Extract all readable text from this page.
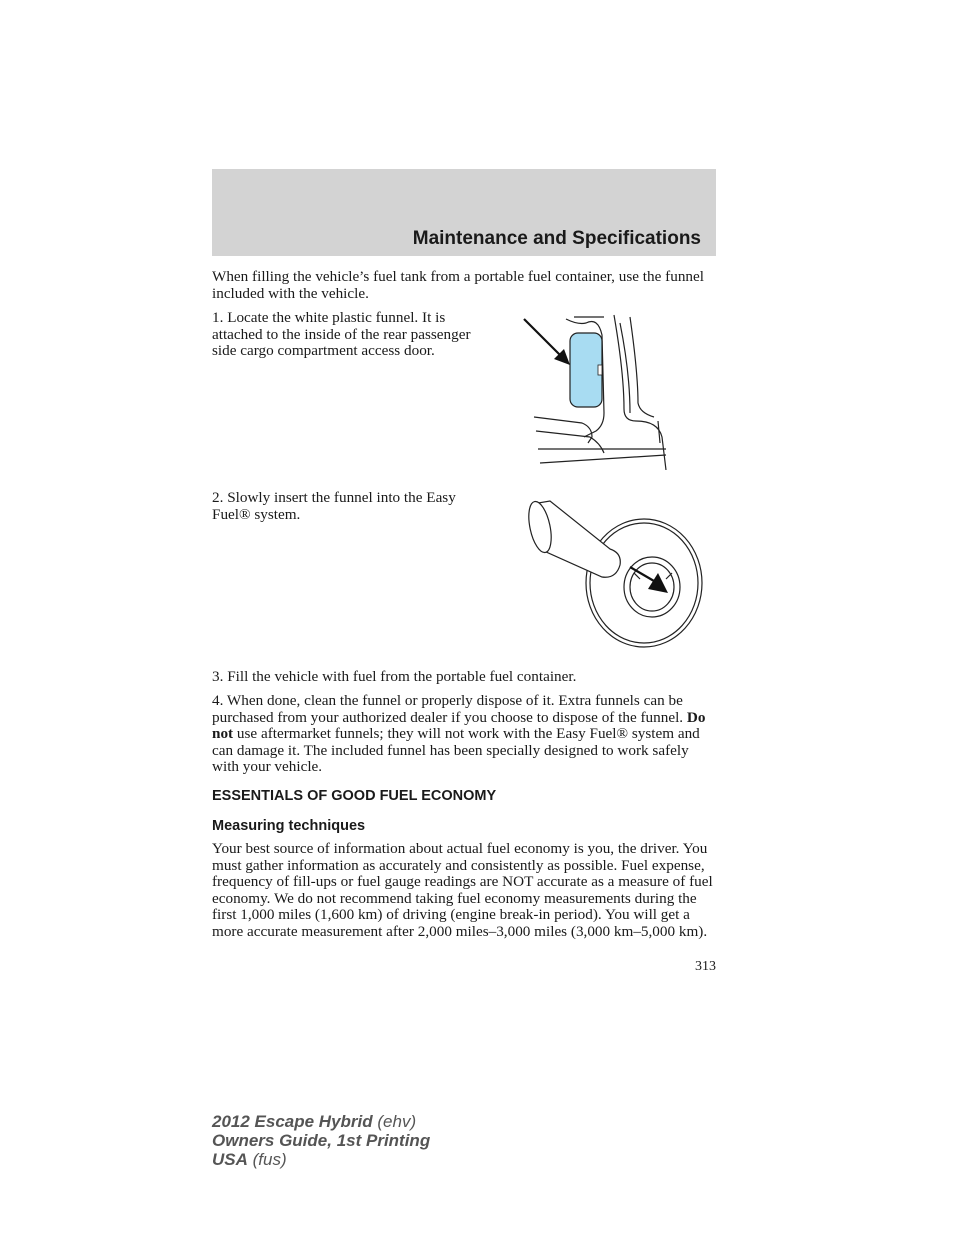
Maintenance and Specifications

When filling the vehicle’s fuel tank from a portable fuel container, use the funnel included with the vehicle.

1. Locate the white plastic funnel. It is attached to the inside of the rear passenger side cargo compartment access door.

2. Slowly insert the funnel into the Easy Fuel® system.

3. Fill the vehicle with fuel from the portable fuel container.

4. When done, clean the funnel or properly dispose of it. Extra funnels can be purchased from your authorized dealer if you choose to dispose of the funnel. Do not use aftermarket funnels; they will not work with the Easy Fuel® system and can damage it. The included funnel has been specially designed to work safely with your vehicle.

ESSENTIALS OF GOOD FUEL ECONOMY
Measuring techniques

Your best source of information about actual fuel economy is you, the driver. You must gather information as accurately and consistently as possible. Fuel expense, frequency of fill-ups or fuel gauge readings are NOT accurate as a measure of fuel economy. We do not recommend taking fuel economy measurements during the first 1,000 miles (1,600 km) of driving (engine break-in period). You will get a more accurate measurement after 2,000 miles–3,000 miles (3,000 km–5,000 km).

313

2012 Escape Hybrid (ehv)
Owners Guide, 1st Printing
USA (fus)
